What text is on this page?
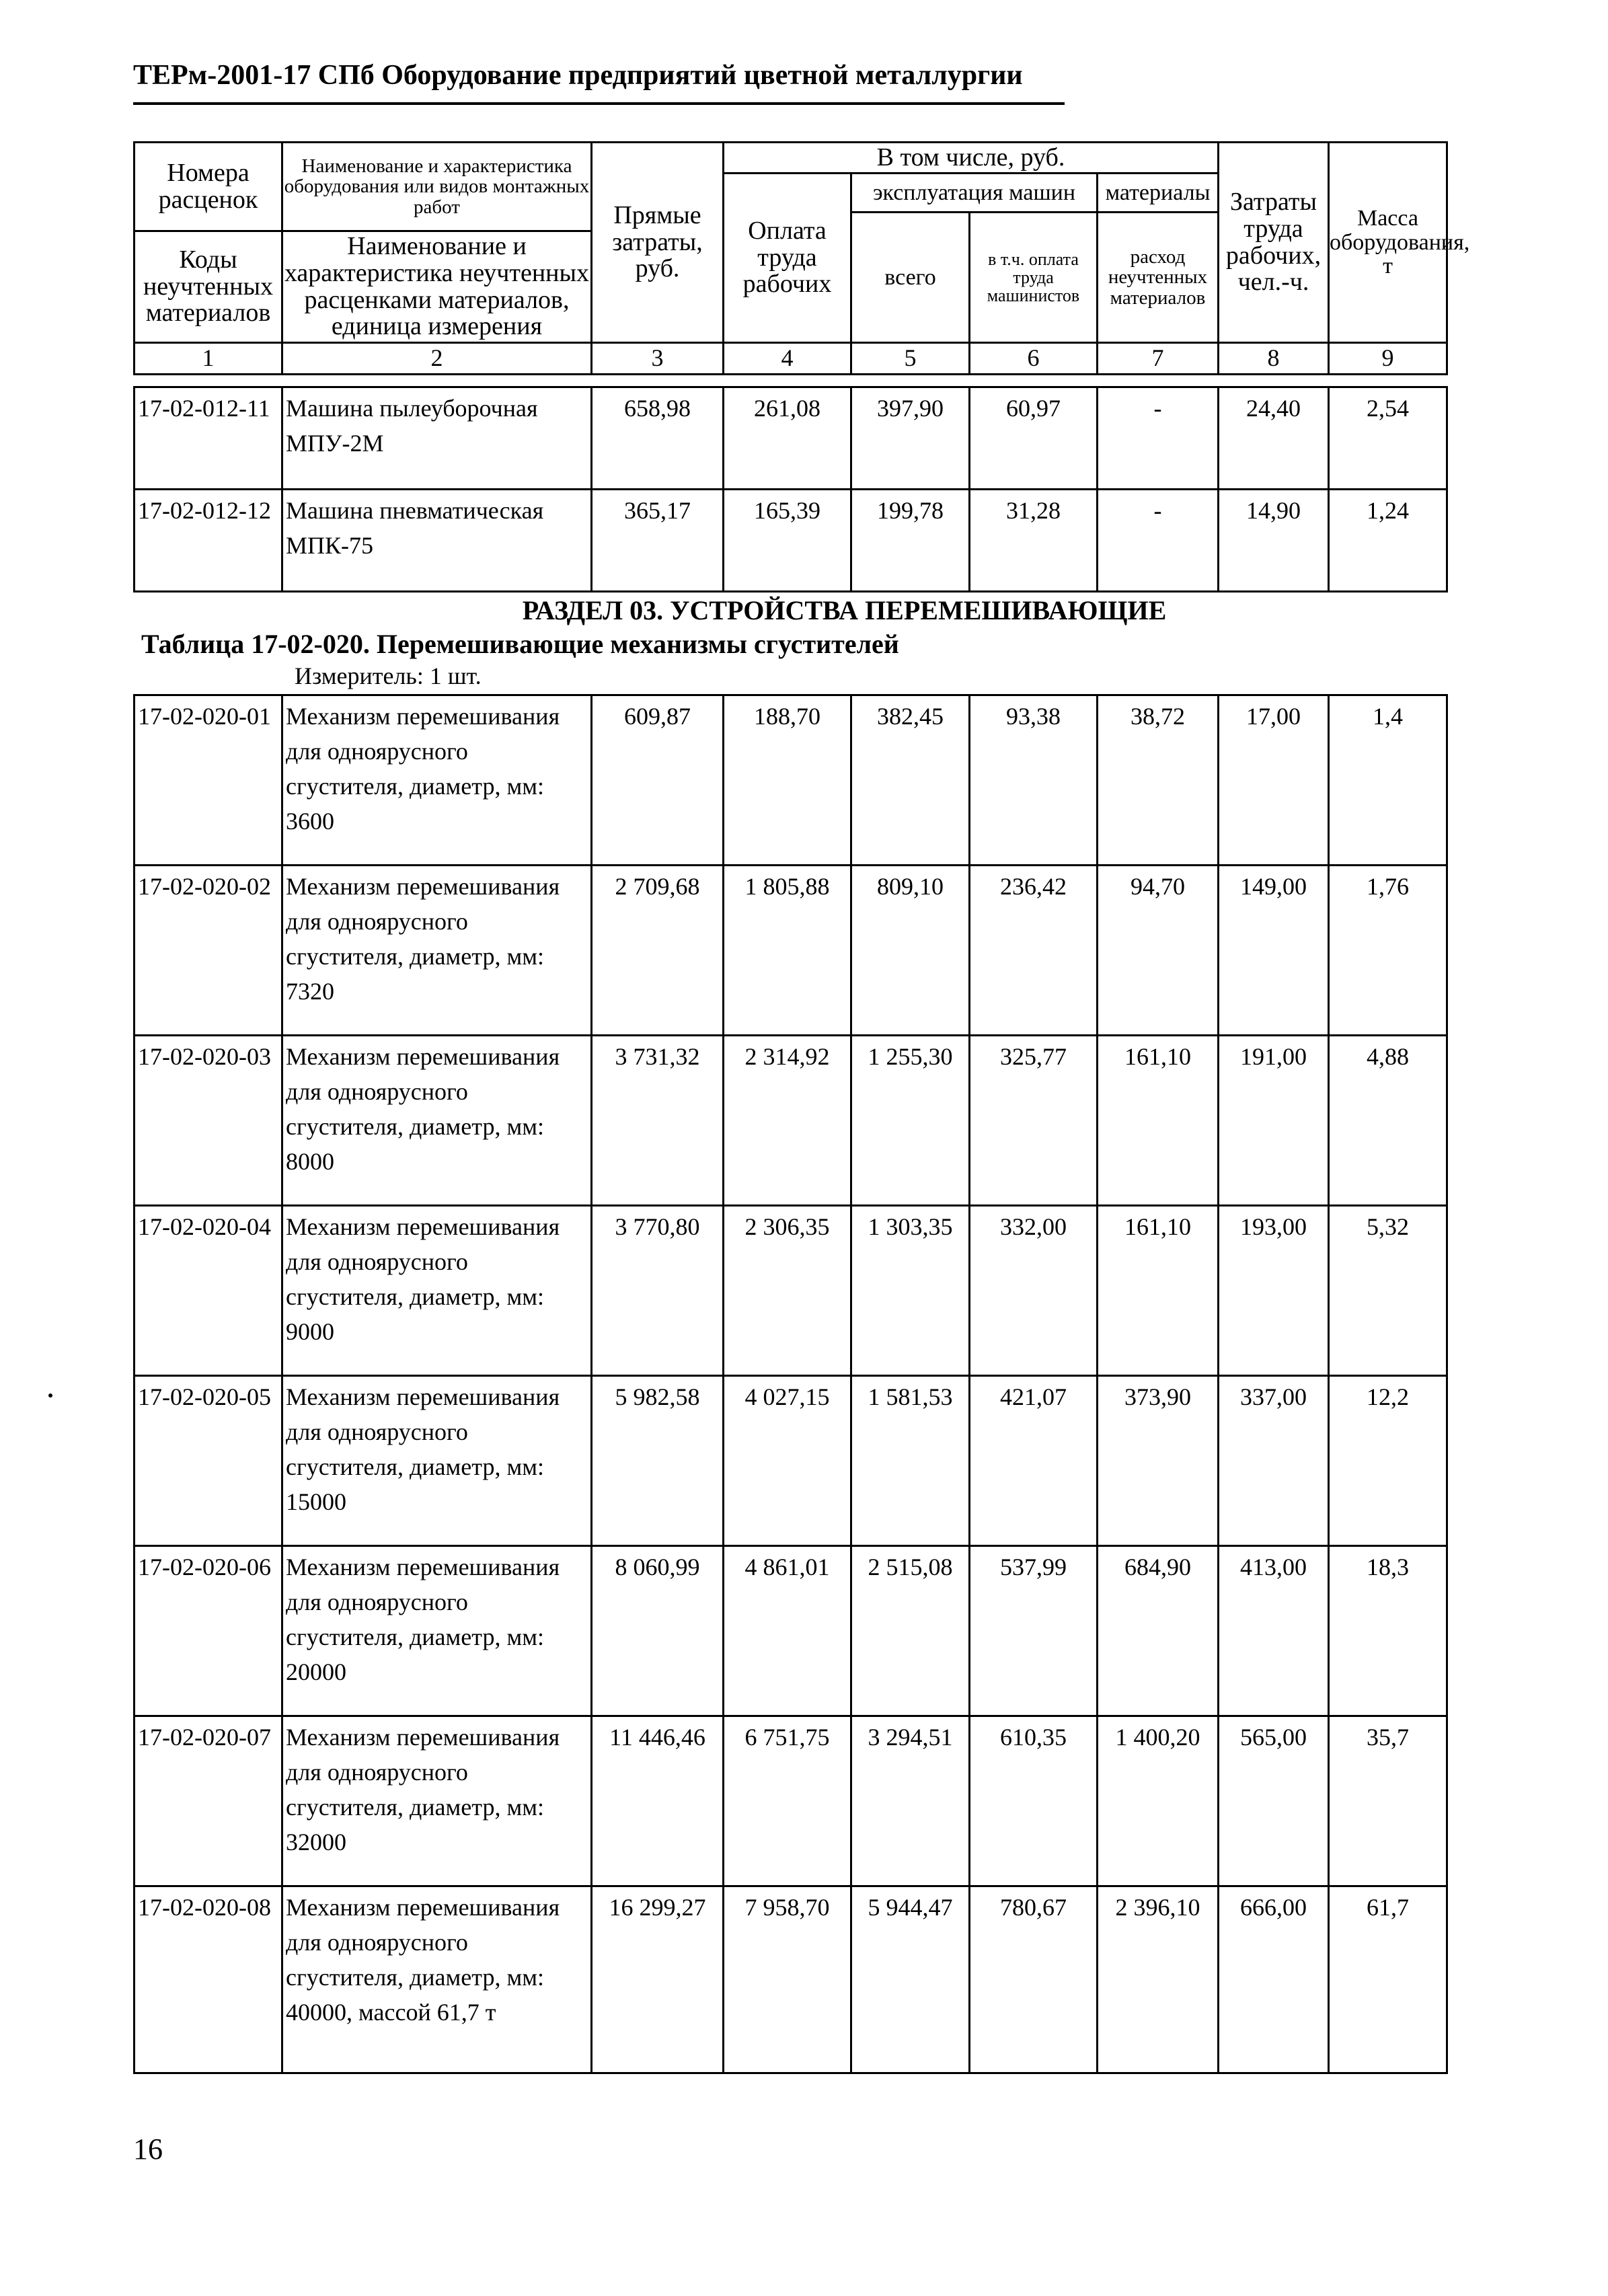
ТЕРм-2001-17 СПб Оборудование предприятий цветной металлургии
Номера расценок	Наименование и характеристика оборудования или видов монтажных работ	Прямые затраты, руб.	В том числе, руб.				Затраты труда рабочих, чел.-ч.	Масса оборудования, т
			Оплата труда рабочих	эксплуатация машин		материалы		
				всего	в т.ч. оплата труда машинистов	расход неучтенных материалов		
Коды неучтенных материалов	Наименование и характеристика неучтенных расценками материалов, единица измерения							

1	2	3	4	5	6	7	8	9
17-02-012-11	Машина пылеуборочная МПУ-2М	658,98	261,08	397,90	60,97	-	24,40	2,54
17-02-012-12	Машина пневматическая МПК-75	365,17	165,39	199,78	31,28	-	14,90	1,24
РАЗДЕЛ 03. УСТРОЙСТВА ПЕРЕМЕШИВАЮЩИЕ
Таблица 17-02-020. Перемешивающие механизмы сгустителей
Измеритель: 1 шт.
17-02-020-01	Механизм перемешивания для одноярусного сгустителя, диаметр, мм: 3600	609,87	188,70	382,45	93,38	38,72	17,00	1,4
17-02-020-02	Механизм перемешивания для одноярусного сгустителя, диаметр, мм: 7320	2 709,68	1 805,88	809,10	236,42	94,70	149,00	1,76
17-02-020-03	Механизм перемешивания для одноярусного сгустителя, диаметр, мм: 8000	3 731,32	2 314,92	1 255,30	325,77	161,10	191,00	4,88
17-02-020-04	Механизм перемешивания для одноярусного сгустителя, диаметр, мм: 9000	3 770,80	2 306,35	1 303,35	332,00	161,10	193,00	5,32
17-02-020-05	Механизм перемешивания для одноярусного сгустителя, диаметр, мм: 15000	5 982,58	4 027,15	1 581,53	421,07	373,90	337,00	12,2
17-02-020-06	Механизм перемешивания для одноярусного сгустителя, диаметр, мм: 20000	8 060,99	4 861,01	2 515,08	537,99	684,90	413,00	18,3
17-02-020-07	Механизм перемешивания для одноярусного сгустителя, диаметр, мм: 32000	11 446,46	6 751,75	3 294,51	610,35	1 400,20	565,00	35,7
17-02-020-08	Механизм перемешивания для одноярусного сгустителя, диаметр, мм: 40000, массой 61,7 т	16 299,27	7 958,70	5 944,47	780,67	2 396,10	666,00	61,7
16
